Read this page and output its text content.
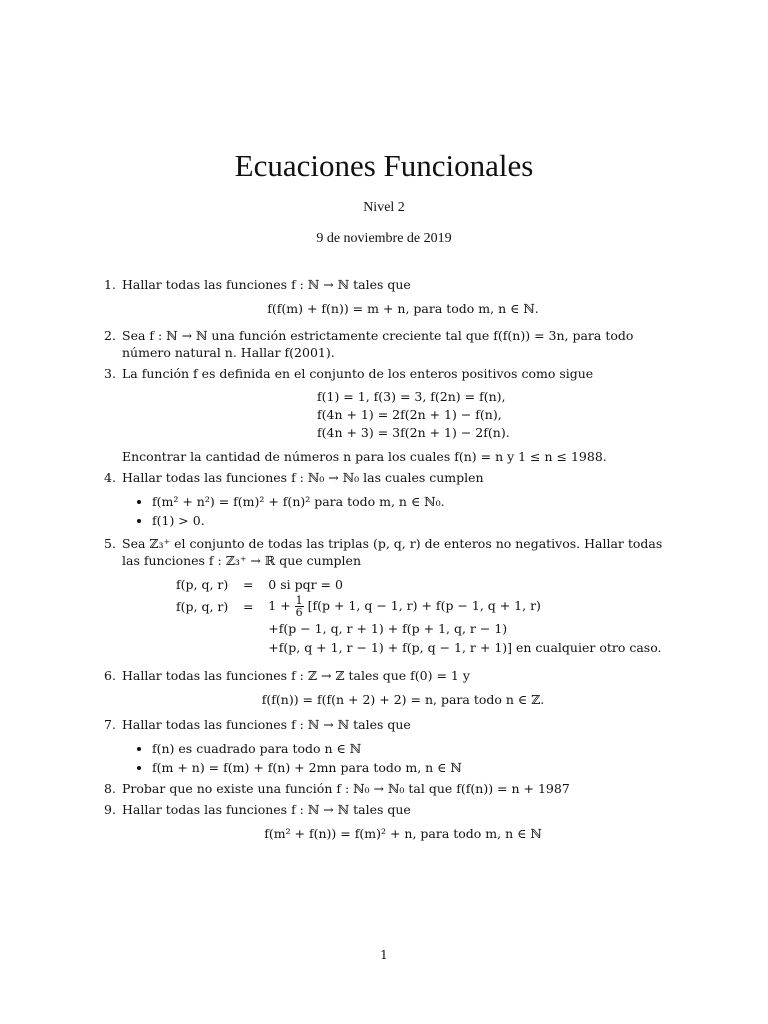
Ecuaciones Funcionales
Nivel 2
9 de noviembre de 2019
1. Hallar todas las funciones f : ℕ → ℕ tales que
f(f(m) + f(n)) = m + n, para todo m, n ∈ ℕ.
2. Sea f : ℕ → ℕ una función estrictamente creciente tal que f(f(n)) = 3n, para todo número natural n. Hallar f(2001).
3. La función f es definida en el conjunto de los enteros positivos como sigue
f(1) = 1, f(3) = 3, f(2n) = f(n),
f(4n + 1) = 2f(2n + 1) − f(n),
f(4n + 3) = 3f(2n + 1) − 2f(n).
Encontrar la cantidad de números n para los cuales f(n) = n y 1 ≤ n ≤ 1988.
4. Hallar todas las funciones f : ℕ₀ → ℕ₀ las cuales cumplen
• f(m² + n²) = f(m)² + f(n)² para todo m, n ∈ ℕ₀.
• f(1) > 0.
5. Sea ℤ₃⁺ el conjunto de todas las triplas (p, q, r) de enteros no negativos. Hallar todas las funciones f : ℤ₃⁺ → ℝ que cumplen
f(p, q, r)	=	0 si pqr = 0
f(p, q, r)	=	$1 + \frac{1}{6} [f(p + 1$, q − 1, r) + f(p − 1, q + 1, r)
		+f(p − 1, q, r + 1) + f(p + 1, q, r − 1)
		+f(p, q + 1, r − 1) + f(p, q − 1, r + 1)] en cualquier otro caso.
6. Hallar todas las funciones f : ℤ → ℤ tales que f(0) = 1 y
f(f(n)) = f(f(n + 2) + 2) = n, para todo n ∈ ℤ.
7. Hallar todas las funciones f : ℕ → ℕ tales que
• f(n) es cuadrado para todo n ∈ ℕ
• f(m + n) = f(m) + f(n) + 2mn para todo m, n ∈ ℕ
8. Probar que no existe una función f : ℕ₀ → ℕ₀ tal que f(f(n)) = n + 1987
9. Hallar todas las funciones f : ℕ → ℕ tales que
f(m² + f(n)) = f(m)² + n, para todo m, n ∈ ℕ
1
